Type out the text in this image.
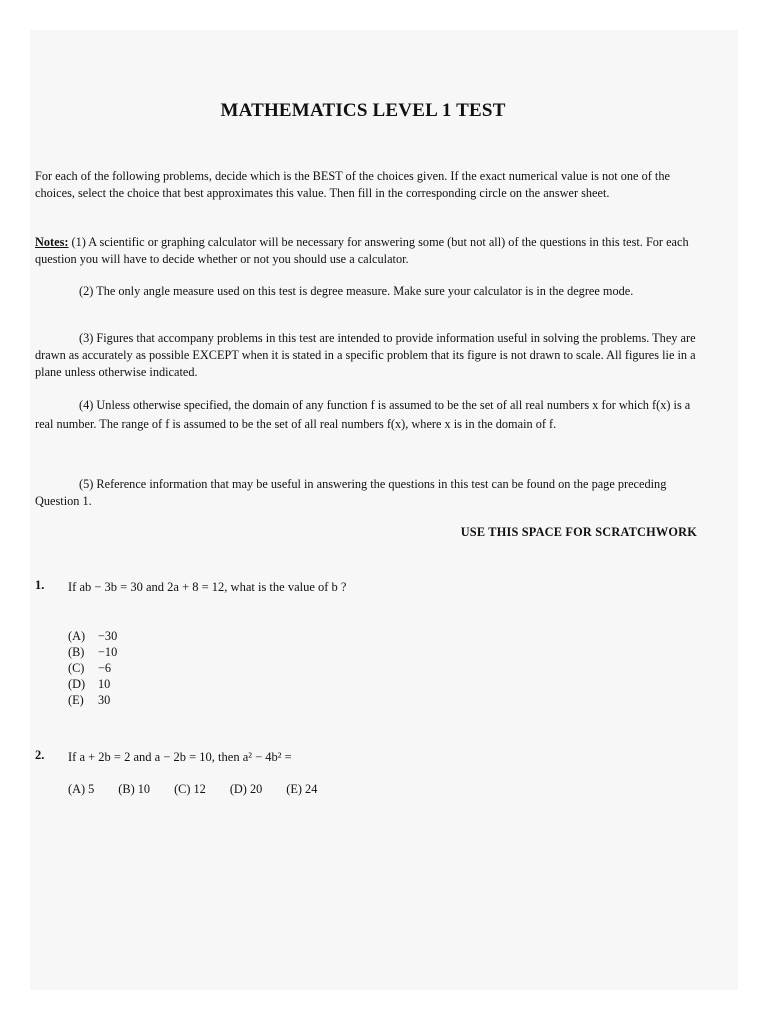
MATHEMATICS LEVEL 1 TEST
For each of the following problems, decide which is the BEST of the choices given. If the exact numerical value is not one of the choices, select the choice that best approximates this value. Then fill in the corresponding circle on the answer sheet.
Notes: (1) A scientific or graphing calculator will be necessary for answering some (but not all) of the questions in this test. For each question you will have to decide whether or not you should use a calculator.
(2) The only angle measure used on this test is degree measure. Make sure your calculator is in the degree mode.
(3) Figures that accompany problems in this test are intended to provide information useful in solving the problems. They are drawn as accurately as possible EXCEPT when it is stated in a specific problem that its figure is not drawn to scale. All figures lie in a plane unless otherwise indicated.
(4) Unless otherwise specified, the domain of any function f is assumed to be the set of all real numbers x for which f(x) is a real number. The range of f is assumed to be the set of all real numbers f(x), where x is in the domain of f.
(5) Reference information that may be useful in answering the questions in this test can be found on the page preceding Question 1.
USE THIS SPACE FOR SCRATCHWORK
1. If ab − 3b = 30 and 2a + 8 = 12, what is the value of b ?
(A)	−30
(B)	−10
(C)	−6
(D)	10
(E)	30
2. If a + 2b = 2 and a − 2b = 10, then a² − 4b² =
(A) 5 (B) 10 (C) 12 (D) 20 (E) 24
